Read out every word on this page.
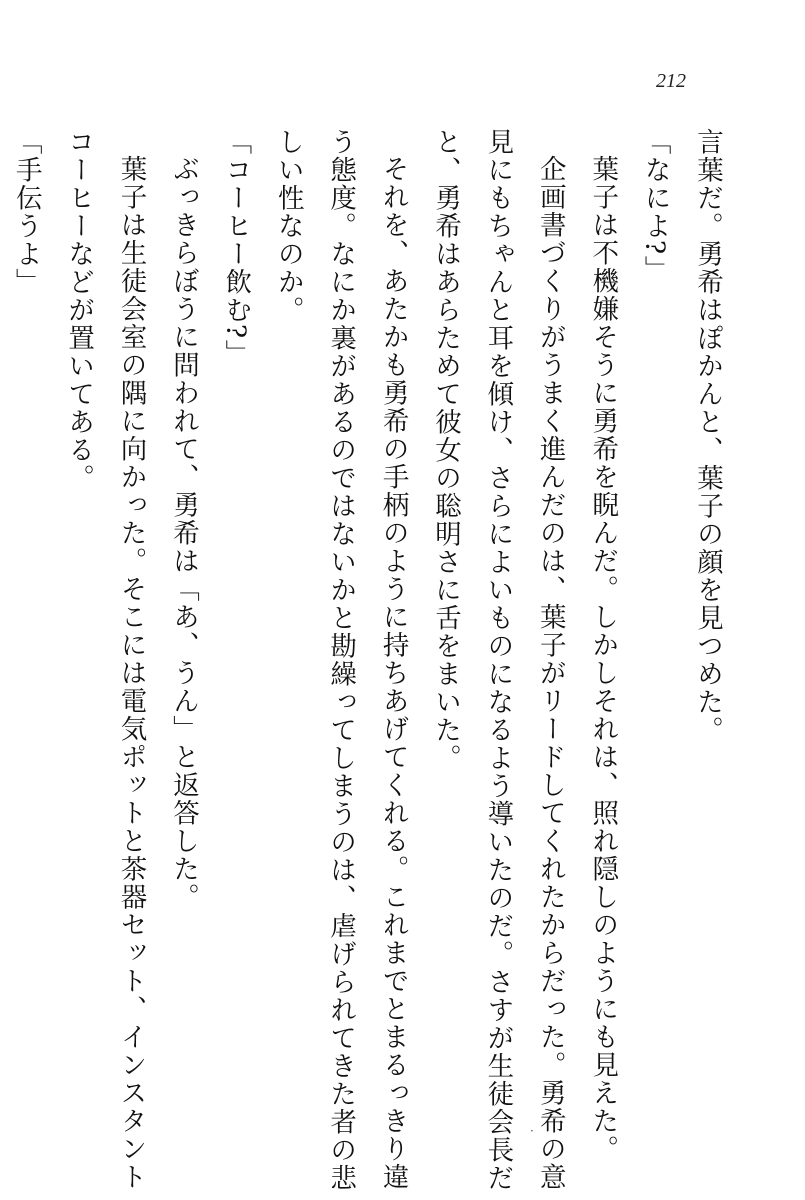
212

言葉だ。勇希はぽかんと、葉子の顔を見つめた。

「なによ?」

葉子は不機嫌そうに勇希を睨んだ。しかしそれは、照れ隠しのようにも見えた。

企画書づくりがうまく進んだのは、葉子がリードしてくれたからだった。勇希の意

見にもちゃんと耳を傾け、さらによいものになるよう導いたのだ。さすが生徒会長だ

と、勇希はあらためて彼女の聡明さに舌をまいた。

それを、あたかも勇希の手柄のように持ちあげてくれる。これまでとまるっきり違

う態度。なにか裏があるのではないかと勘繰ってしまうのは、虐げられてきた者の悲

しい性なのか。

「コーヒー飲む?」

ぶっきらぼうに問われて、勇希は「あ、うん」と返答した。

葉子は生徒会室の隅に向かった。そこには電気ポットと茶器セット、インスタント

コーヒーなどが置いてある。

「手伝うよ」

·
